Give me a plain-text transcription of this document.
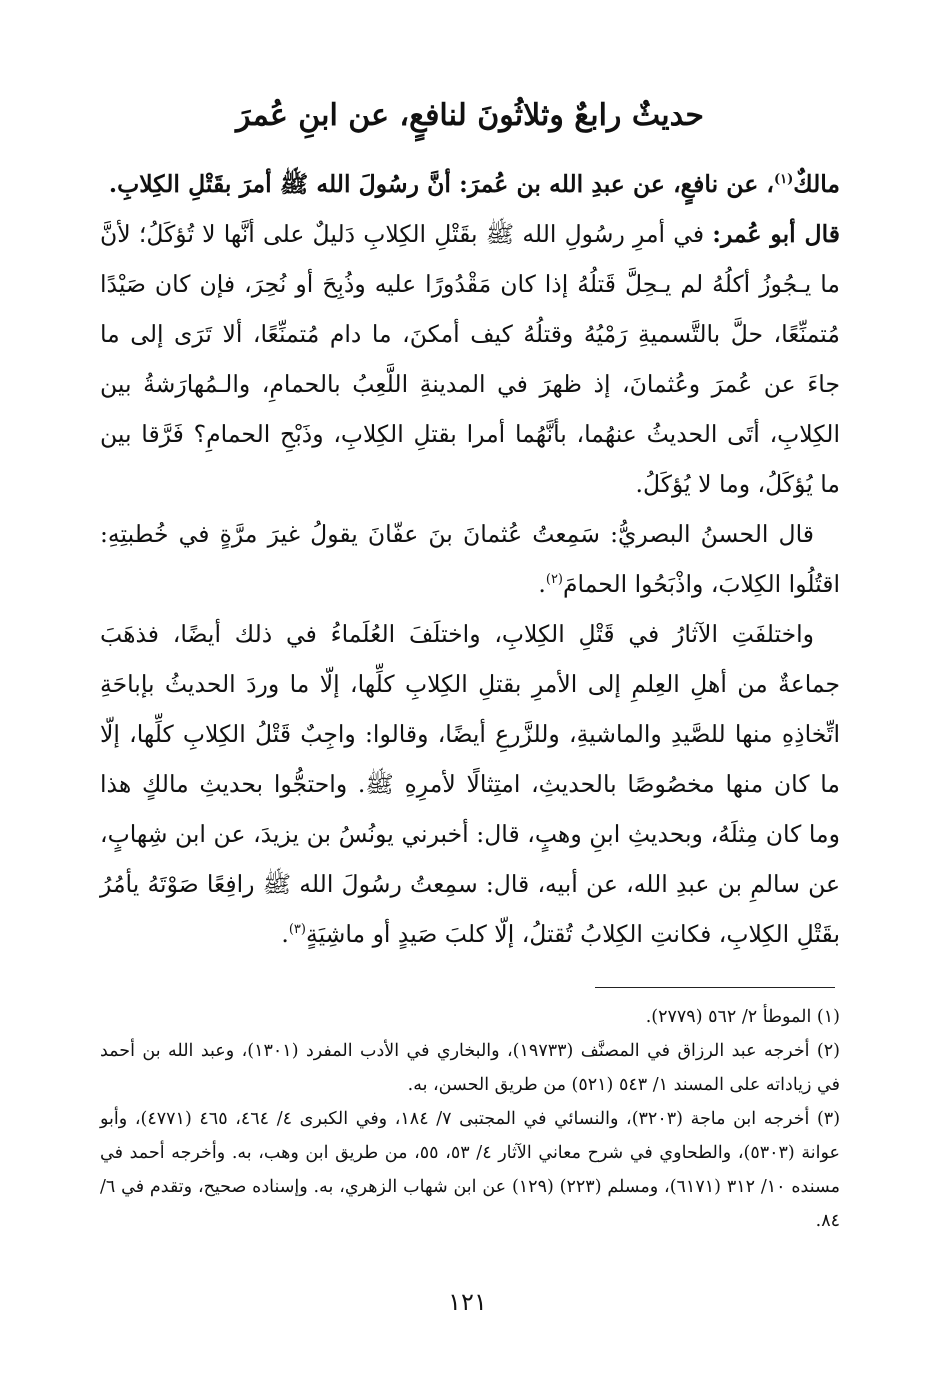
حديثٌ رابعٌ وثلاثُونَ لنافعٍ، عن ابنِ عُمرَ

مالكٌ$^{(١)}$، عن نافعٍ، عن عبدِ الله بن عُمرَ: أنَّ رسُولَ الله ﷺ أمرَ بقَتْلِ الكِلابِ.

قال أبو عُمر: في أمرِ رسُولِ الله ﷺ بقَتْلِ الكِلابِ دَليلٌ على أنَّها لا تُؤكَلُ؛ لأنَّ ما يـجُوزُ أكلُهُ لم يـحِلَّ قَتلُهُ إذا كان مَقْدُورًا عليه وذُبِحَ أو نُحِرَ، فإن كان صَيْدًا مُتمنِّعًا، حلَّ بالتَّسميةِ رَمْيُهُ وقتلُهُ كيف أمكنَ، ما دام مُتمنِّعًا، ألا تَرَى إلى ما جاءَ عن عُمرَ وعُثمانَ، إذ ظهرَ في المدينةِ اللَّعِبُ بالحمامِ، والـمُهارَشةُ بين الكِلابِ، أتَى الحديثُ عنهُما، بأنَّهُما أمرا بقتلِ الكِلابِ، وذَبْحِ الحمامِ؟ فَرَّقا بين ما يُؤكَلُ، وما لا يُؤكَلُ.

قال الحسنُ البصريُّ: سَمِعتُ عُثمانَ بنَ عفّانَ يقولُ غيرَ مرَّةٍ في خُطبتِهِ: اقتُلُوا الكِلابَ، واذْبَحُوا الحمامَ$^{(٢)}$.

واختلفَتِ الآثارُ في قَتْلِ الكِلابِ، واختلَفَ العُلَماءُ في ذلك أيضًا، فذهَبَ جماعةٌ من أهلِ العِلمِ إلى الأمرِ بقتلِ الكِلابِ كلِّها، إلّا ما وردَ الحديثُ بإباحَةِ اتِّخاذِهِ منها للصَّيدِ والماشيةِ، وللزَّرعِ أيضًا، وقالوا: واجِبٌ قَتْلُ الكِلابِ كلِّها، إلّا ما كان منها مخصُوصًا بالحديثِ، امتِثالًا لأمرِهِ ﷺ. واحتجُّوا بحديثِ مالكٍ هذا وما كان مِثلَهُ، وبحديثِ ابنِ وهبٍ، قال: أخبرني يونُسُ بن يزيدَ، عن ابن شِهابٍ، عن سالمِ بن عبدِ الله، عن أبيه، قال: سمِعتُ رسُولَ الله ﷺ رافِعًا صَوْتَهُ يأمُرُ بقَتْلِ الكِلابِ، فكانتِ الكِلابُ تُقتلُ، إلّا كلبَ صَيدٍ أو ماشِيَةٍ$^{(٣)}$.

(١) الموطأ ٢/ ٥٦٢ (٢٧٧٩).

(٢) أخرجه عبد الرزاق في المصنَّف (١٩٧٣٣)، والبخاري في الأدب المفرد (١٣٠١)، وعبد الله بن أحمد في زياداته على المسند ١/ ٥٤٣ (٥٢١) من طريق الحسن، به.

(٣) أخرجه ابن ماجة (٣٢٠٣)، والنسائي في المجتبى ٧/ ١٨٤، وفي الكبرى ٤/ ٤٦٤، ٤٦٥ (٤٧٧١)، وأبو عوانة (٥٣٠٣)، والطحاوي في شرح معاني الآثار ٤/ ٥٣، ٥٥، من طريق ابن وهب، به. وأخرجه أحمد في مسنده ١٠/ ٣١٢ (٦١٧١)، ومسلم (٢٢٣) (١٢٩) عن ابن شهاب الزهري، به. وإسناده صحيح، وتقدم في ٦/ ٨٤.

١٢١
